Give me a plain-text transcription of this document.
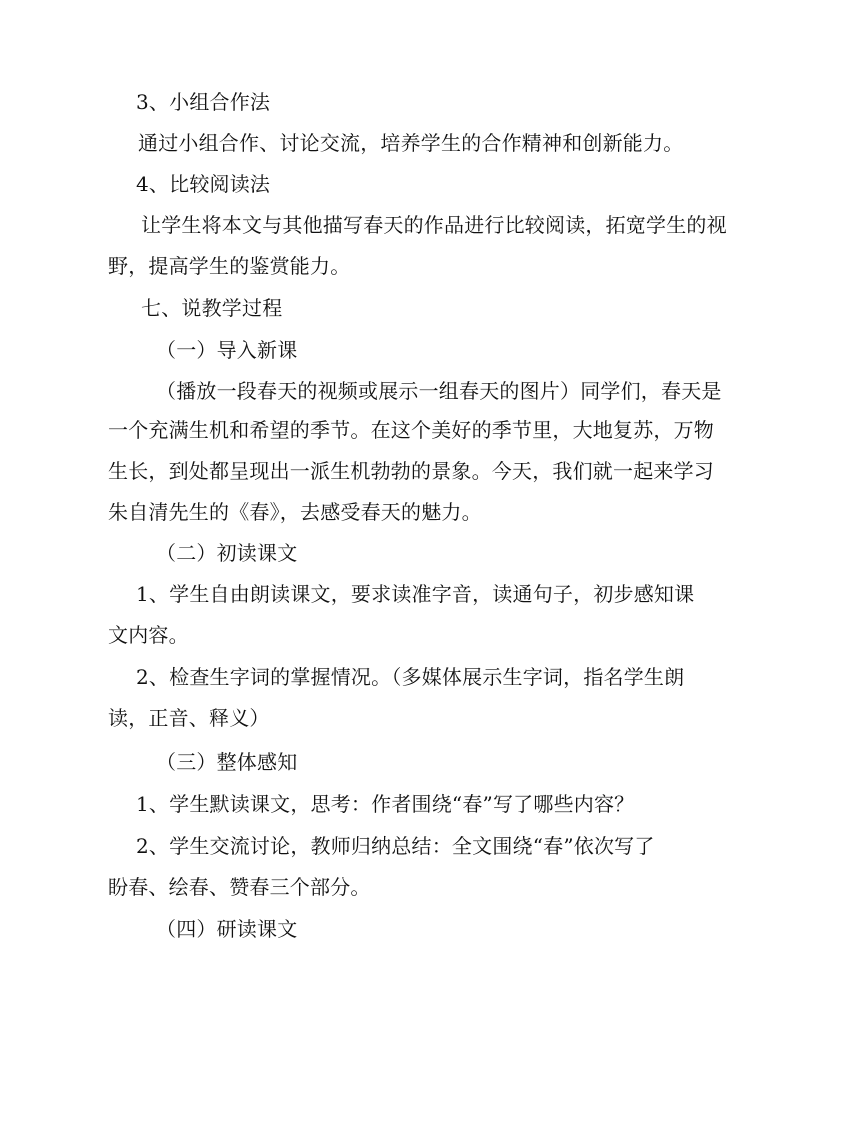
3、小组合作法
通过小组合作、讨论交流，培养学生的合作精神和创新能力。
4、比较阅读法
让学生将本文与其他描写春天的作品进行比较阅读，拓宽学生的视
野，提高学生的鉴赏能力。
七、说教学过程
（一）导入新课
（播放一段春天的视频或展示一组春天的图片）同学们，春天是
一个充满生机和希望的季节。在这个美好的季节里，大地复苏，万物
生长，到处都呈现出一派生机勃勃的景象。今天，我们就一起来学习
朱自清先生的《春》，去感受春天的魅力。
（二）初读课文
1、学生自由朗读课文，要求读准字音，读通句子，初步感知课
文内容。
2、检查生字词的掌握情况。（多媒体展示生字词，指名学生朗
读，正音、释义）
（三）整体感知
1、学生默读课文，思考：作者围绕“春”写了哪些内容？
2、学生交流讨论，教师归纳总结：全文围绕“春”依次写了
盼春、绘春、赞春三个部分。
（四）研读课文
